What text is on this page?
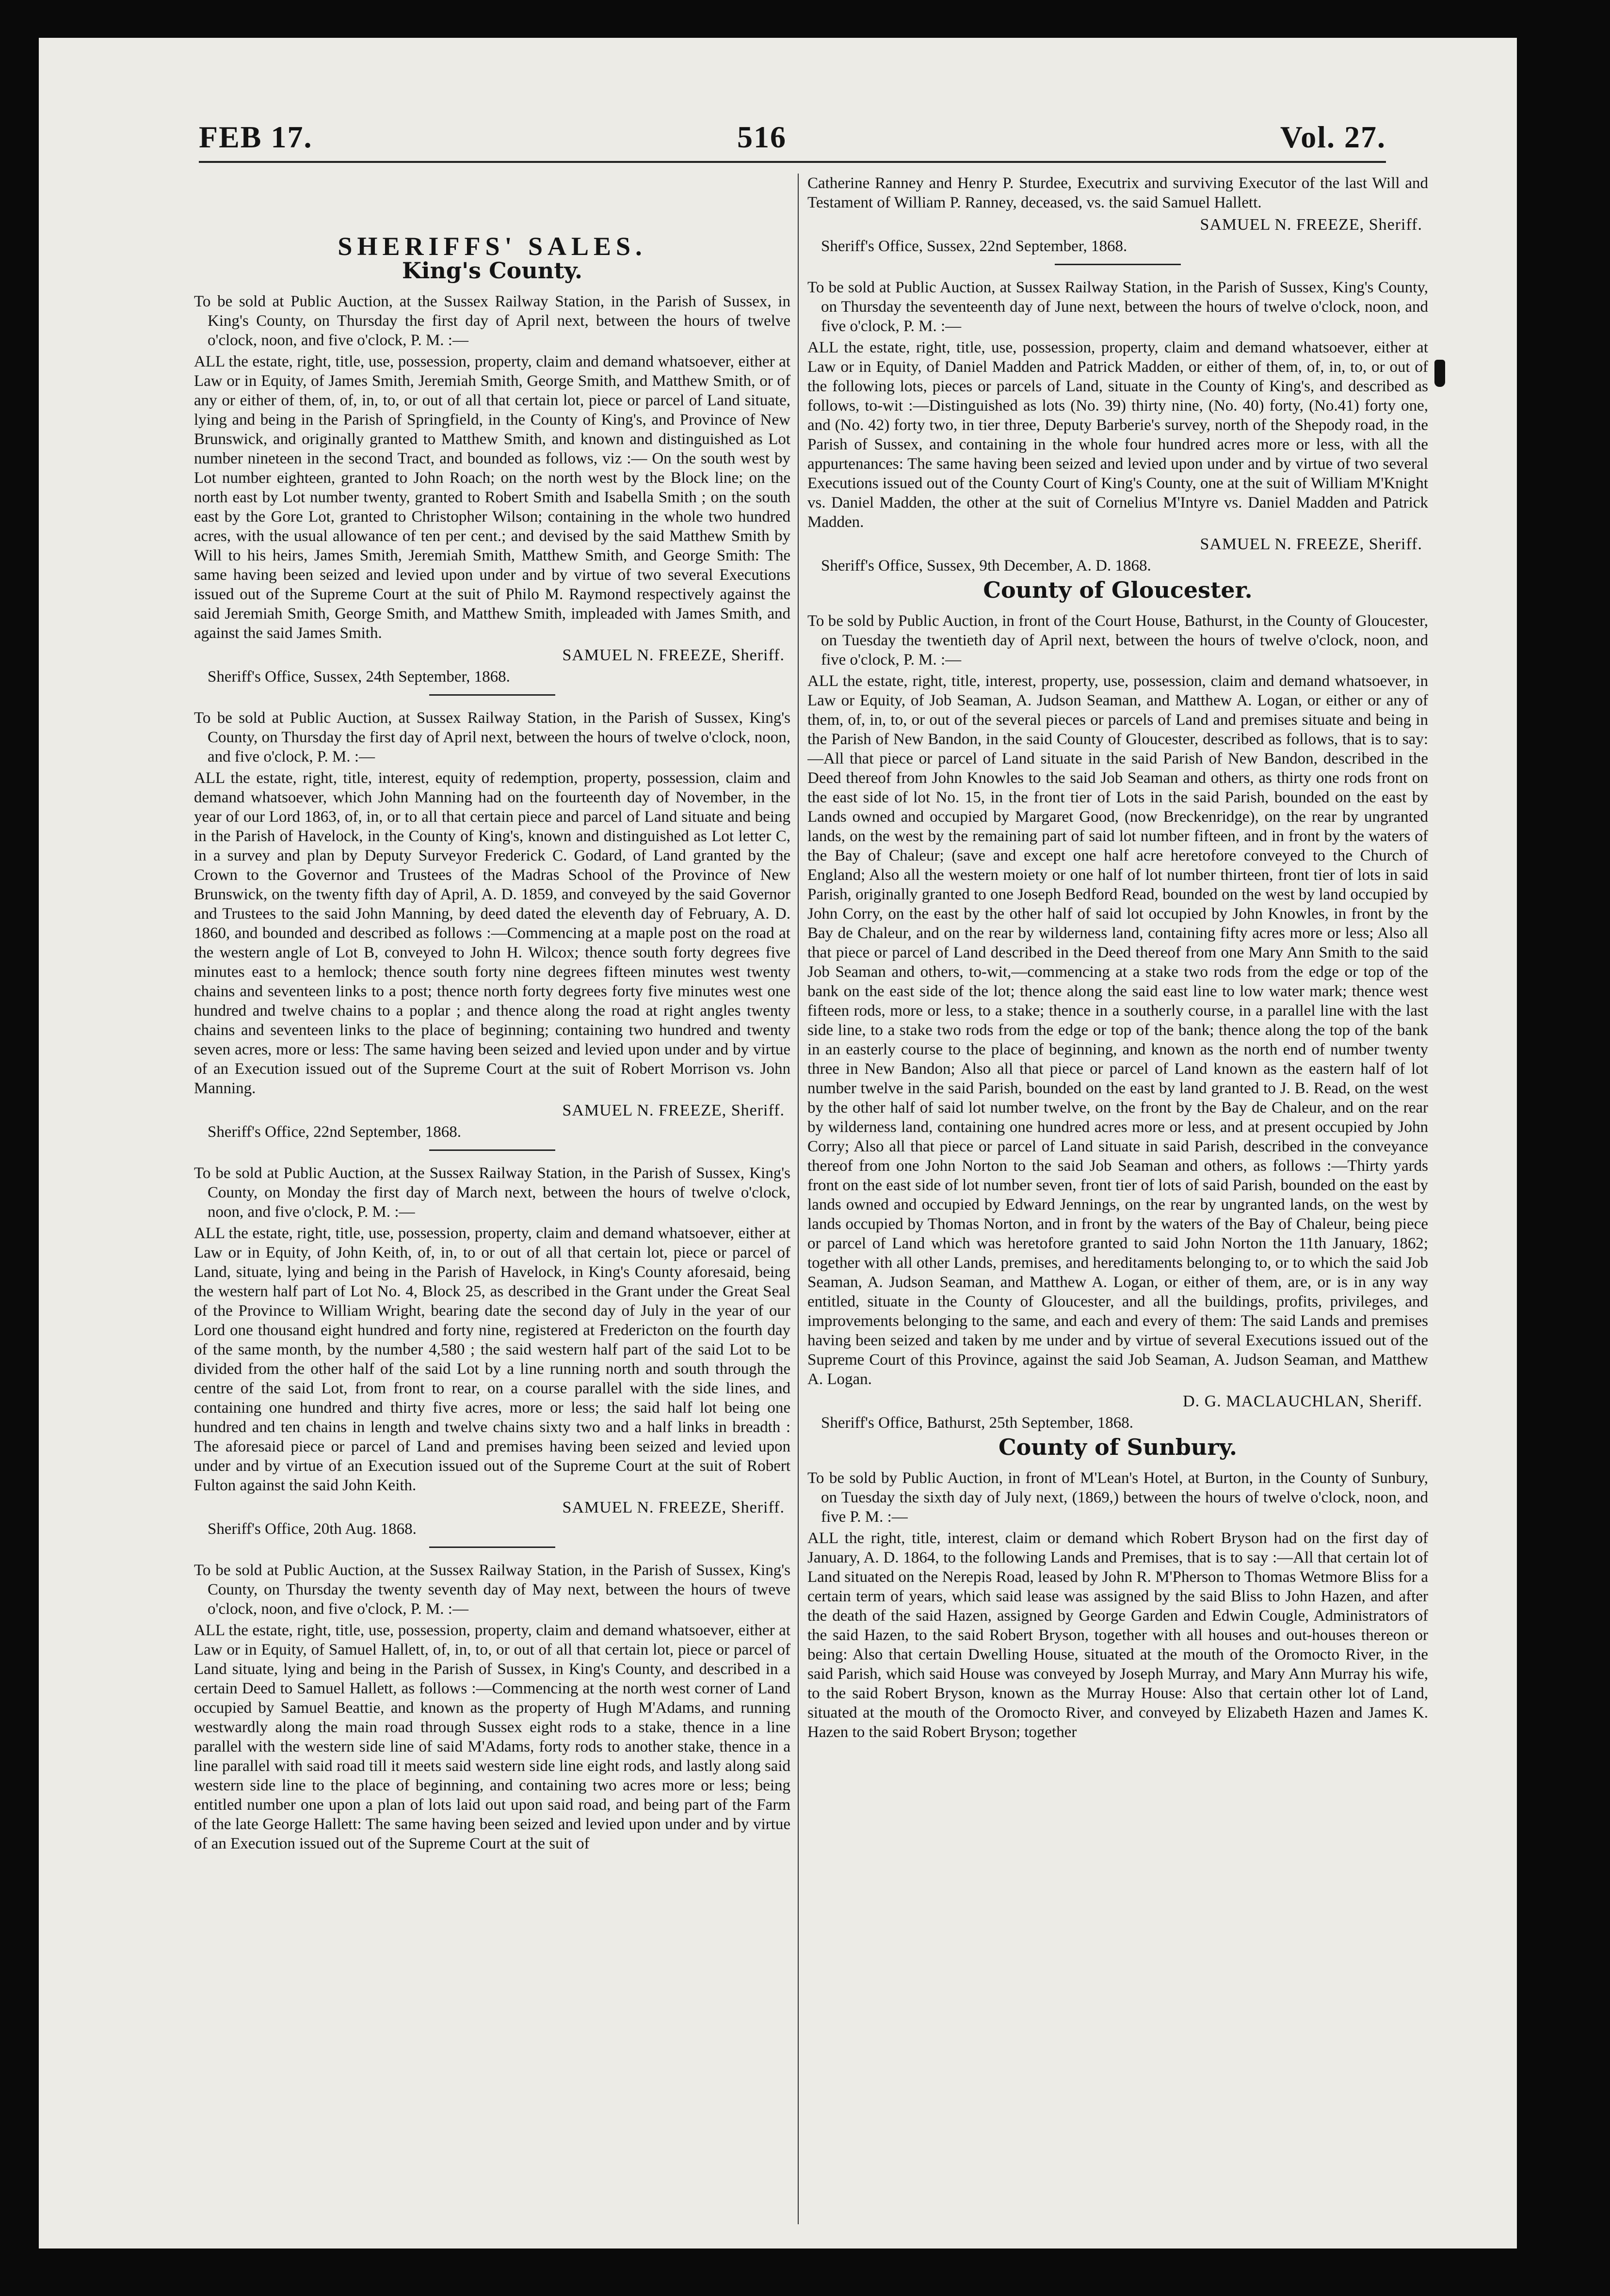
FEB 17.	516	Vol. 27.
SHERIFFS' SALES.
King's County.

To be sold at Public Auction, at the Sussex Railway Station, in the Parish of Sussex, in King's County, on Thursday the first day of April next, between the hours of twelve o'clock, noon, and five o'clock, P. M. :—

ALL the estate, right, title, use, possession, property, claim and demand whatsoever, either at Law or in Equity, of James Smith, Jeremiah Smith, George Smith, and Matthew Smith, or of any or either of them, of, in, to, or out of all that certain lot, piece or parcel of Land situate, lying and being in the Parish of Springfield, in the County of King's, and Province of New Brunswick, and originally granted to Matthew Smith, and known and distinguished as Lot number nineteen in the second Tract, and bounded as follows, viz :— On the south west by Lot number eighteen, granted to John Roach; on the north west by the Block line; on the north east by Lot number twenty, granted to Robert Smith and Isabella Smith ; on the south east by the Gore Lot, granted to Christopher Wilson; containing in the whole two hundred acres, with the usual allowance of ten per cent.; and devised by the said Matthew Smith by Will to his heirs, James Smith, Jeremiah Smith, Matthew Smith, and George Smith: The same having been seized and levied upon under and by virtue of two several Executions issued out of the Supreme Court at the suit of Philo M. Raymond respectively against the said Jeremiah Smith, George Smith, and Matthew Smith, impleaded with James Smith, and against the said James Smith.

SAMUEL N. FREEZE, Sheriff.
Sheriff's Office, Sussex, 24th September, 1868.

To be sold at Public Auction, at Sussex Railway Station, in the Parish of Sussex, King's County, on Thursday the first day of April next, between the hours of twelve o'clock, noon, and five o'clock, P. M. :—

ALL the estate, right, title, interest, equity of redemption, property, possession, claim and demand whatsoever, which John Manning had on the fourteenth day of November, in the year of our Lord 1863, of, in, or to all that certain piece and parcel of Land situate and being in the Parish of Havelock, in the County of King's, known and distinguished as Lot letter C, in a survey and plan by Deputy Surveyor Frederick C. Godard, of Land granted by the Crown to the Governor and Trustees of the Madras School of the Province of New Brunswick, on the twenty fifth day of April, A. D. 1859, and conveyed by the said Governor and Trustees to the said John Manning, by deed dated the eleventh day of February, A. D. 1860, and bounded and described as follows :—Commencing at a maple post on the road at the western angle of Lot B, conveyed to John H. Wilcox; thence south forty degrees five minutes east to a hemlock; thence south forty nine degrees fifteen minutes west twenty chains and seventeen links to a post; thence north forty degrees forty five minutes west one hundred and twelve chains to a poplar ; and thence along the road at right angles twenty chains and seventeen links to the place of beginning; containing two hundred and twenty seven acres, more or less: The same having been seized and levied upon under and by virtue of an Execution issued out of the Supreme Court at the suit of Robert Morrison vs. John Manning.

SAMUEL N. FREEZE, Sheriff.
Sheriff's Office, 22nd September, 1868.

To be sold at Public Auction, at the Sussex Railway Station, in the Parish of Sussex, King's County, on Monday the first day of March next, between the hours of twelve o'clock, noon, and five o'clock, P. M. :—

ALL the estate, right, title, use, possession, property, claim and demand whatsoever, either at Law or in Equity, of John Keith, of, in, to or out of all that certain lot, piece or parcel of Land, situate, lying and being in the Parish of Havelock, in King's County aforesaid, being the western half part of Lot No. 4, Block 25, as described in the Grant under the Great Seal of the Province to William Wright, bearing date the second day of July in the year of our Lord one thousand eight hundred and forty nine, registered at Fredericton on the fourth day of the same month, by the number 4,580 ; the said western half part of the said Lot to be divided from the other half of the said Lot by a line running north and south through the centre of the said Lot, from front to rear, on a course parallel with the side lines, and containing one hundred and thirty five acres, more or less; the said half lot being one hundred and ten chains in length and twelve chains sixty two and a half links in breadth : The aforesaid piece or parcel of Land and premises having been seized and levied upon under and by virtue of an Execution issued out of the Supreme Court at the suit of Robert Fulton against the said John Keith.

SAMUEL N. FREEZE, Sheriff.
Sheriff's Office, 20th Aug. 1868.

To be sold at Public Auction, at the Sussex Railway Station, in the Parish of Sussex, King's County, on Thursday the twenty seventh day of May next, between the hours of tweve o'clock, noon, and five o'clock, P. M. :—

ALL the estate, right, title, use, possession, property, claim and demand whatsoever, either at Law or in Equity, of Samuel Hallett, of, in, to, or out of all that certain lot, piece or parcel of Land situate, lying and being in the Parish of Sussex, in King's County, and described in a certain Deed to Samuel Hallett, as follows :—Commencing at the north west corner of Land occupied by Samuel Beattie, and known as the property of Hugh M'Adams, and running westwardly along the main road through Sussex eight rods to a stake, thence in a line parallel with the western side line of said M'Adams, forty rods to another stake, thence in a line parallel with said road till it meets said western side line eight rods, and lastly along said western side line to the place of beginning, and containing two acres more or less; being entitled number one upon a plan of lots laid out upon said road, and being part of the Farm of the late George Hallett: The same having been seized and levied upon under and by virtue of an Execution issued out of the Supreme Court at the suit of

Catherine Ranney and Henry P. Sturdee, Executrix and surviving Executor of the last Will and Testament of William P. Ranney, deceased, vs. the said Samuel Hallett.

SAMUEL N. FREEZE, Sheriff.
Sheriff's Office, Sussex, 22nd September, 1868.

To be sold at Public Auction, at Sussex Railway Station, in the Parish of Sussex, King's County, on Thursday the seventeenth day of June next, between the hours of twelve o'clock, noon, and five o'clock, P. M. :—

ALL the estate, right, title, use, possession, property, claim and demand whatsoever, either at Law or in Equity, of Daniel Madden and Patrick Madden, or either of them, of, in, to, or out of the following lots, pieces or parcels of Land, situate in the County of King's, and described as follows, to-wit :—Distinguished as lots (No. 39) thirty nine, (No. 40) forty, (No.41) forty one, and (No. 42) forty two, in tier three, Deputy Barberie's survey, north of the Shepody road, in the Parish of Sussex, and containing in the whole four hundred acres more or less, with all the appurtenances: The same having been seized and levied upon under and by virtue of two several Executions issued out of the County Court of King's County, one at the suit of William M'Knight vs. Daniel Madden, the other at the suit of Cornelius M'Intyre vs. Daniel Madden and Patrick Madden.

SAMUEL N. FREEZE, Sheriff.
Sheriff's Office, Sussex, 9th December, A. D. 1868.
County of Gloucester.

To be sold by Public Auction, in front of the Court House, Bathurst, in the County of Gloucester, on Tuesday the twentieth day of April next, between the hours of twelve o'clock, noon, and five o'clock, P. M. :—

ALL the estate, right, title, interest, property, use, possession, claim and demand whatsoever, in Law or Equity, of Job Seaman, A. Judson Seaman, and Matthew A. Logan, or either or any of them, of, in, to, or out of the several pieces or parcels of Land and premises situate and being in the Parish of New Bandon, in the said County of Gloucester, described as follows, that is to say:—All that piece or parcel of Land situate in the said Parish of New Bandon, described in the Deed thereof from John Knowles to the said Job Seaman and others, as thirty one rods front on the east side of lot No. 15, in the front tier of Lots in the said Parish, bounded on the east by Lands owned and occupied by Margaret Good, (now Breckenridge), on the rear by ungranted lands, on the west by the remaining part of said lot number fifteen, and in front by the waters of the Bay of Chaleur; (save and except one half acre heretofore conveyed to the Church of England; Also all the western moiety or one half of lot number thirteen, front tier of lots in said Parish, originally granted to one Joseph Bedford Read, bounded on the west by land occupied by John Corry, on the east by the other half of said lot occupied by John Knowles, in front by the Bay de Chaleur, and on the rear by wilderness land, containing fifty acres more or less; Also all that piece or parcel of Land described in the Deed thereof from one Mary Ann Smith to the said Job Seaman and others, to-wit,—commencing at a stake two rods from the edge or top of the bank on the east side of the lot; thence along the said east line to low water mark; thence west fifteen rods, more or less, to a stake; thence in a southerly course, in a parallel line with the last side line, to a stake two rods from the edge or top of the bank; thence along the top of the bank in an easterly course to the place of beginning, and known as the north end of number twenty three in New Bandon; Also all that piece or parcel of Land known as the eastern half of lot number twelve in the said Parish, bounded on the east by land granted to J. B. Read, on the west by the other half of said lot number twelve, on the front by the Bay de Chaleur, and on the rear by wilderness land, containing one hundred acres more or less, and at present occupied by John Corry; Also all that piece or parcel of Land situate in said Parish, described in the conveyance thereof from one John Norton to the said Job Seaman and others, as follows :—Thirty yards front on the east side of lot number seven, front tier of lots of said Parish, bounded on the east by lands owned and occupied by Edward Jennings, on the rear by ungranted lands, on the west by lands occupied by Thomas Norton, and in front by the waters of the Bay of Chaleur, being piece or parcel of Land which was heretofore granted to said John Norton the 11th January, 1862; together with all other Lands, premises, and hereditaments belonging to, or to which the said Job Seaman, A. Judson Seaman, and Matthew A. Logan, or either of them, are, or is in any way entitled, situate in the County of Gloucester, and all the buildings, profits, privileges, and improvements belonging to the same, and each and every of them: The said Lands and premises having been seized and taken by me under and by virtue of several Executions issued out of the Supreme Court of this Province, against the said Job Seaman, A. Judson Seaman, and Matthew A. Logan.

D. G. MACLAUCHLAN, Sheriff.
Sheriff's Office, Bathurst, 25th September, 1868.
County of Sunbury.

To be sold by Public Auction, in front of M'Lean's Hotel, at Burton, in the County of Sunbury, on Tuesday the sixth day of July next, (1869,) between the hours of twelve o'clock, noon, and five P. M. :—

ALL the right, title, interest, claim or demand which Robert Bryson had on the first day of January, A. D. 1864, to the following Lands and Premises, that is to say :—All that certain lot of Land situated on the Nerepis Road, leased by John R. M'Pherson to Thomas Wetmore Bliss for a certain term of years, which said lease was assigned by the said Bliss to John Hazen, and after the death of the said Hazen, assigned by George Garden and Edwin Cougle, Administrators of the said Hazen, to the said Robert Bryson, together with all houses and out-houses thereon or being: Also that certain Dwelling House, situated at the mouth of the Oromocto River, in the said Parish, which said House was conveyed by Joseph Murray, and Mary Ann Murray his wife, to the said Robert Bryson, known as the Murray House: Also that certain other lot of Land, situated at the mouth of the Oromocto River, and conveyed by Elizabeth Hazen and James K. Hazen to the said Robert Bryson; together
